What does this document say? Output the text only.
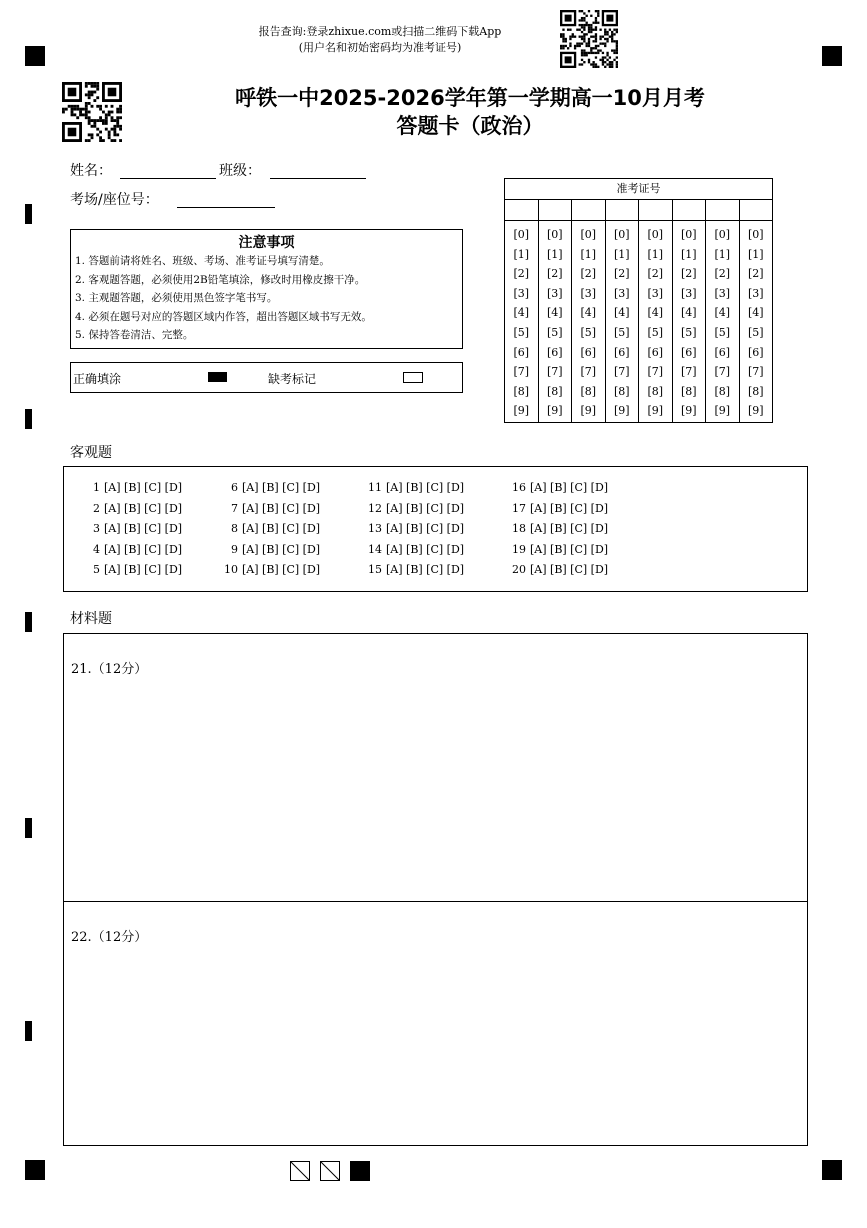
报告查询:登录zhixue.com或扫描二维码下载App
(用户名和初始密码均为准考证号)
呼铁一中2025-2026学年第一学期高一10月月考
答题卡（政治）
姓名：	班级：
考场/座位号：
注意事项
1. 答题前请将姓名、班级、考场、准考证号填写清楚。
2. 客观题答题，必须使用2B铅笔填涂，修改时用橡皮擦干净。
3. 主观题答题，必须使用黑色签字笔书写。
4. 必须在题号对应的答题区域内作答，超出答题区域书写无效。
5. 保持答卷清洁、完整。
正确填涂	缺考标记
准考证号
[0]
[1]
[2]
[3]
[4]
[5]
[6]
[7]
[8]
[9]
[0]
[1]
[2]
[3]
[4]
[5]
[6]
[7]
[8]
[9]
[0]
[1]
[2]
[3]
[4]
[5]
[6]
[7]
[8]
[9]
[0]
[1]
[2]
[3]
[4]
[5]
[6]
[7]
[8]
[9]
[0]
[1]
[2]
[3]
[4]
[5]
[6]
[7]
[8]
[9]
[0]
[1]
[2]
[3]
[4]
[5]
[6]
[7]
[8]
[9]
[0]
[1]
[2]
[3]
[4]
[5]
[6]
[7]
[8]
[9]
[0]
[1]
[2]
[3]
[4]
[5]
[6]
[7]
[8]
[9]
客观题
1 [A] [B] [C] [D]
2 [A] [B] [C] [D]
3 [A] [B] [C] [D]
4 [A] [B] [C] [D]
5 [A] [B] [C] [D]
6 [A] [B] [C] [D]
7 [A] [B] [C] [D]
8 [A] [B] [C] [D]
9 [A] [B] [C] [D]
10 [A] [B] [C] [D]
11 [A] [B] [C] [D]
12 [A] [B] [C] [D]
13 [A] [B] [C] [D]
14 [A] [B] [C] [D]
15 [A] [B] [C] [D]
16 [A] [B] [C] [D]
17 [A] [B] [C] [D]
18 [A] [B] [C] [D]
19 [A] [B] [C] [D]
20 [A] [B] [C] [D]
材料题
21.（12分）
22.（12分）
